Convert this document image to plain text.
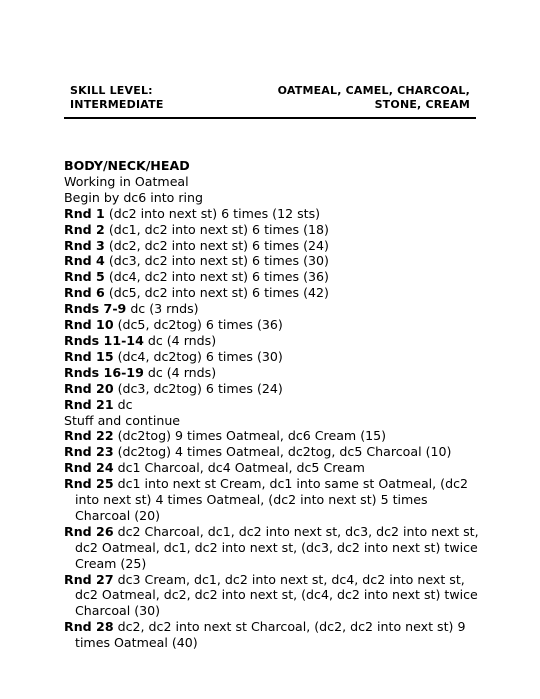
SKILL LEVEL:
INTERMEDIATE
OATMEAL, CAMEL, CHARCOAL,
STONE, CREAM
BODY/NECK/HEAD
Working in Oatmeal
Begin by dc6 into ring
Rnd 1 (dc2 into next st) 6 times (12 sts)
Rnd 2 (dc1, dc2 into next st) 6 times (18)
Rnd 3 (dc2, dc2 into next st) 6 times (24)
Rnd 4 (dc3, dc2 into next st) 6 times (30)
Rnd 5 (dc4, dc2 into next st) 6 times (36)
Rnd 6 (dc5, dc2 into next st) 6 times (42)
Rnds 7-9 dc (3 rnds)
Rnd 10 (dc5, dc2tog) 6 times (36)
Rnds 11-14 dc (4 rnds)
Rnd 15 (dc4, dc2tog) 6 times (30)
Rnds 16-19 dc (4 rnds)
Rnd 20 (dc3, dc2tog) 6 times (24)
Rnd 21 dc
Stuff and continue
Rnd 22 (dc2tog) 9 times Oatmeal, dc6 Cream (15)
Rnd 23 (dc2tog) 4 times Oatmeal, dc2tog, dc5 Charcoal (10)
Rnd 24 dc1 Charcoal, dc4 Oatmeal, dc5 Cream
Rnd 25 dc1 into next st Cream, dc1 into same st Oatmeal, (dc2 into next st) 4 times Oatmeal, (dc2 into next st) 5 times Charcoal (20)
Rnd 26 dc2 Charcoal, dc1, dc2 into next st, dc3, dc2 into next st, dc2 Oatmeal, dc1, dc2 into next st, (dc3, dc2 into next st) twice Cream (25)
Rnd 27 dc3 Cream, dc1, dc2 into next st, dc4, dc2 into next st, dc2 Oatmeal, dc2, dc2 into next st, (dc4, dc2 into next st) twice Charcoal (30)
Rnd 28 dc2, dc2 into next st Charcoal, (dc2, dc2 into next st) 9 times Oatmeal (40)
